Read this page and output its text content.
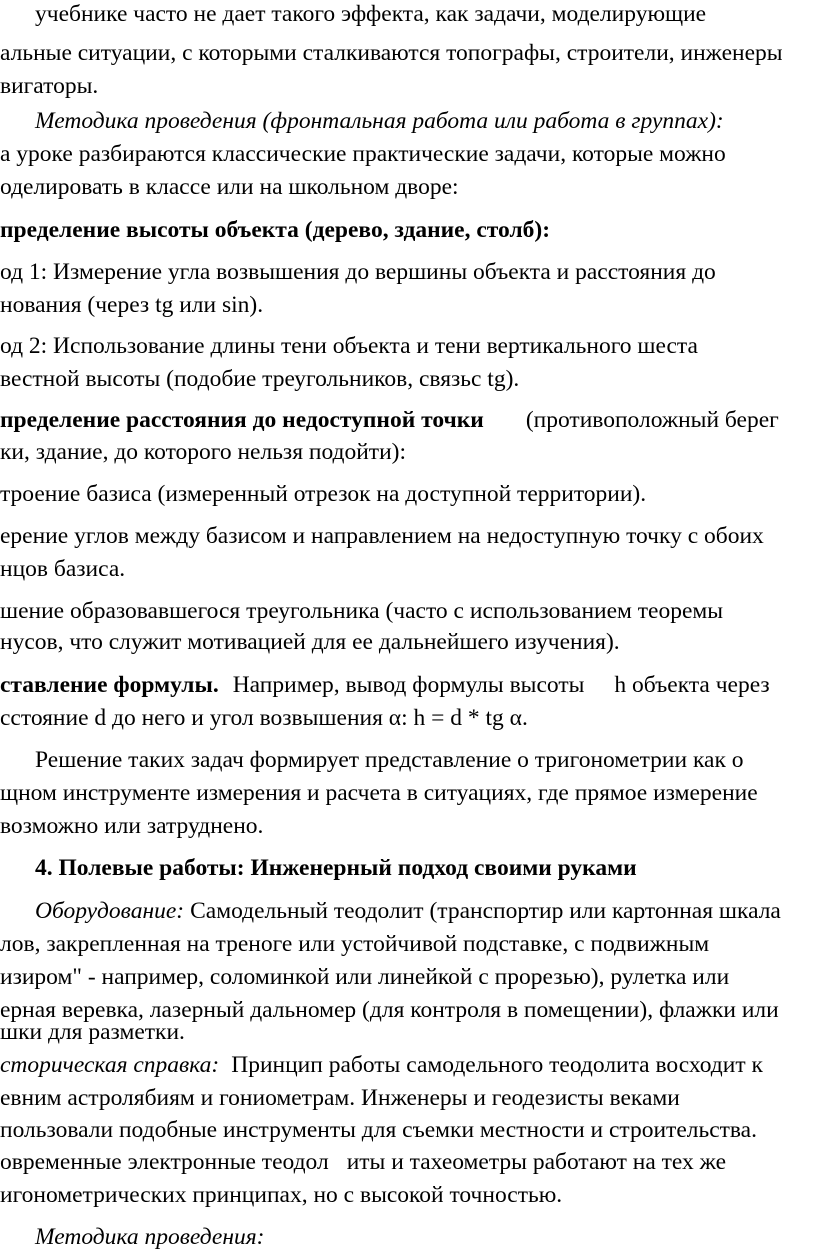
учебнике часто не дает такого эффекта, как задачи, моделирующие
альные ситуации, с которыми сталкиваются топографы, строители, инженеры
вигаторы.
Методика проведения (фронтальная работа или работа в группах):
а уроке разбираются классические практические задачи, которые можно
оделировать в классе или на школьном дворе:
пределение высоты объекта (дерево, здание, столб):
од 1: Измерение угла возвышения до вершины объекта и расстояния до
нования (через tg или sin).
од 2: Использование длины тени объекта и тени вертикального шеста
вестной высоты (подобие треугольников, связьс tg).
пределение расстояния до недоступной точки (противоположный берег
ки, здание, до которого нельзя подойти):
троение базиса (измеренный отрезок на доступной территории).
ерение углов между базисом и направлением на недоступную точку с обоих
нцов базиса.
шение образовавшегося треугольника (часто с использованием теоремы
нусов, что служит мотивацией для ее дальнейшего изучения).
ставление формулы. Например, вывод формулы высоты h объекта через
сстояние d до него и угол возвышения α: h = d * tg α.
Решение таких задач формирует представление о тригонометрии как о
щном инструменте измерения и расчета в ситуациях, где прямое измерение
возможно или затруднено.
4. Полевые работы: Инженерный подход своими руками
Оборудование: Самодельный теодолит (транспортир или картонная шкала
лов, закрепленная на треноге или устойчивой подставке, с подвижным
изиром" - например, соломинкой или линейкой с прорезью), рулетка или
ерная веревка, лазерный дальномер (для контроля в помещении), флажки или
шки для разметки.
сторическая справка: Принцип работы самодельного теодолита восходит к
евним астролябиям и гониометрам. Инженеры и геодезисты веками
пользовали подобные инструменты для съемки местности и строительства.
овременные электронные теодол иты и тахеометры работают на тех же
игонометрических принципах, но с высокой точностью.
Методика проведения:
